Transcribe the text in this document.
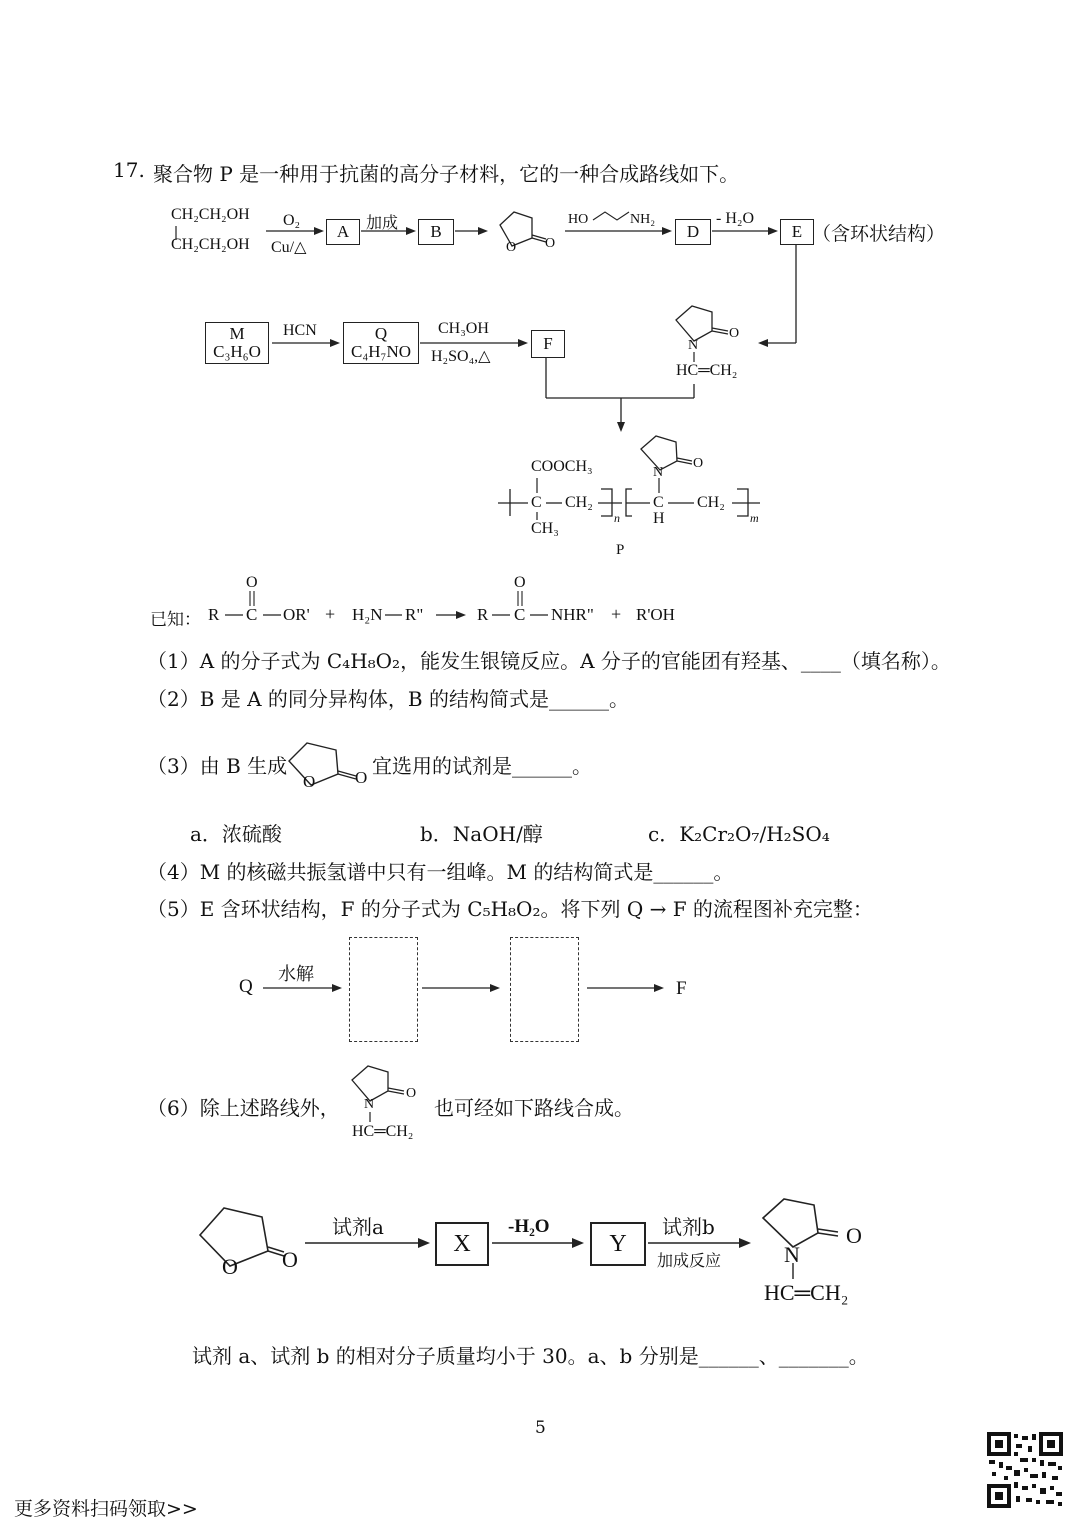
17. 聚合物 P 是一种用于抗菌的高分子材料，它的一种合成路线如下。
CH₂CH₂OH
CH₂CH₂OH
O₂
Cu/△
A 加成 B
O O
HO	NH₂
D
- H₂O
E （含环状结构）
M
C₃H₆O
HCN	Q
C₄H₇NO
CH₃OH
H₂SO₄,△
F
O
N
HC═CH₂
O
N
COOCH₃
C CH₂
CH₃
n
C
H
CH₂
m
P
已知： R
O
C OR' + H₂N R"	R
O
C NHR" + R'OH
（1）A 的分子式为 C₄H₈O₂，能发生银镜反应。A 分子的官能团有羟基、____（填名称）。
（2）B 是 A 的同分异构体，B 的结构简式是______。
（3）由 B 生成
O O 宜选用的试剂是______。
a．浓硫酸	b．NaOH/醇	c．K₂Cr₂O₇/H₂SO₄
（4）M 的核磁共振氢谱中只有一组峰。M 的结构简式是______。
（5）E 含环状结构，F 的分子式为 C₅H₈O₂。将下列 Q → F 的流程图补充完整：
Q
水解
F
（6）除上述路线外，
O
N
HC═CH₂
也可经如下路线合成。
O O
试剂a
X
-H₂O
Y
试剂b
加成反应
O
N
HC═CH₂
试剂 a、试剂 b 的相对分子质量均小于 30。a、b 分别是______、_______。
5
更多资料扫码领取>>
